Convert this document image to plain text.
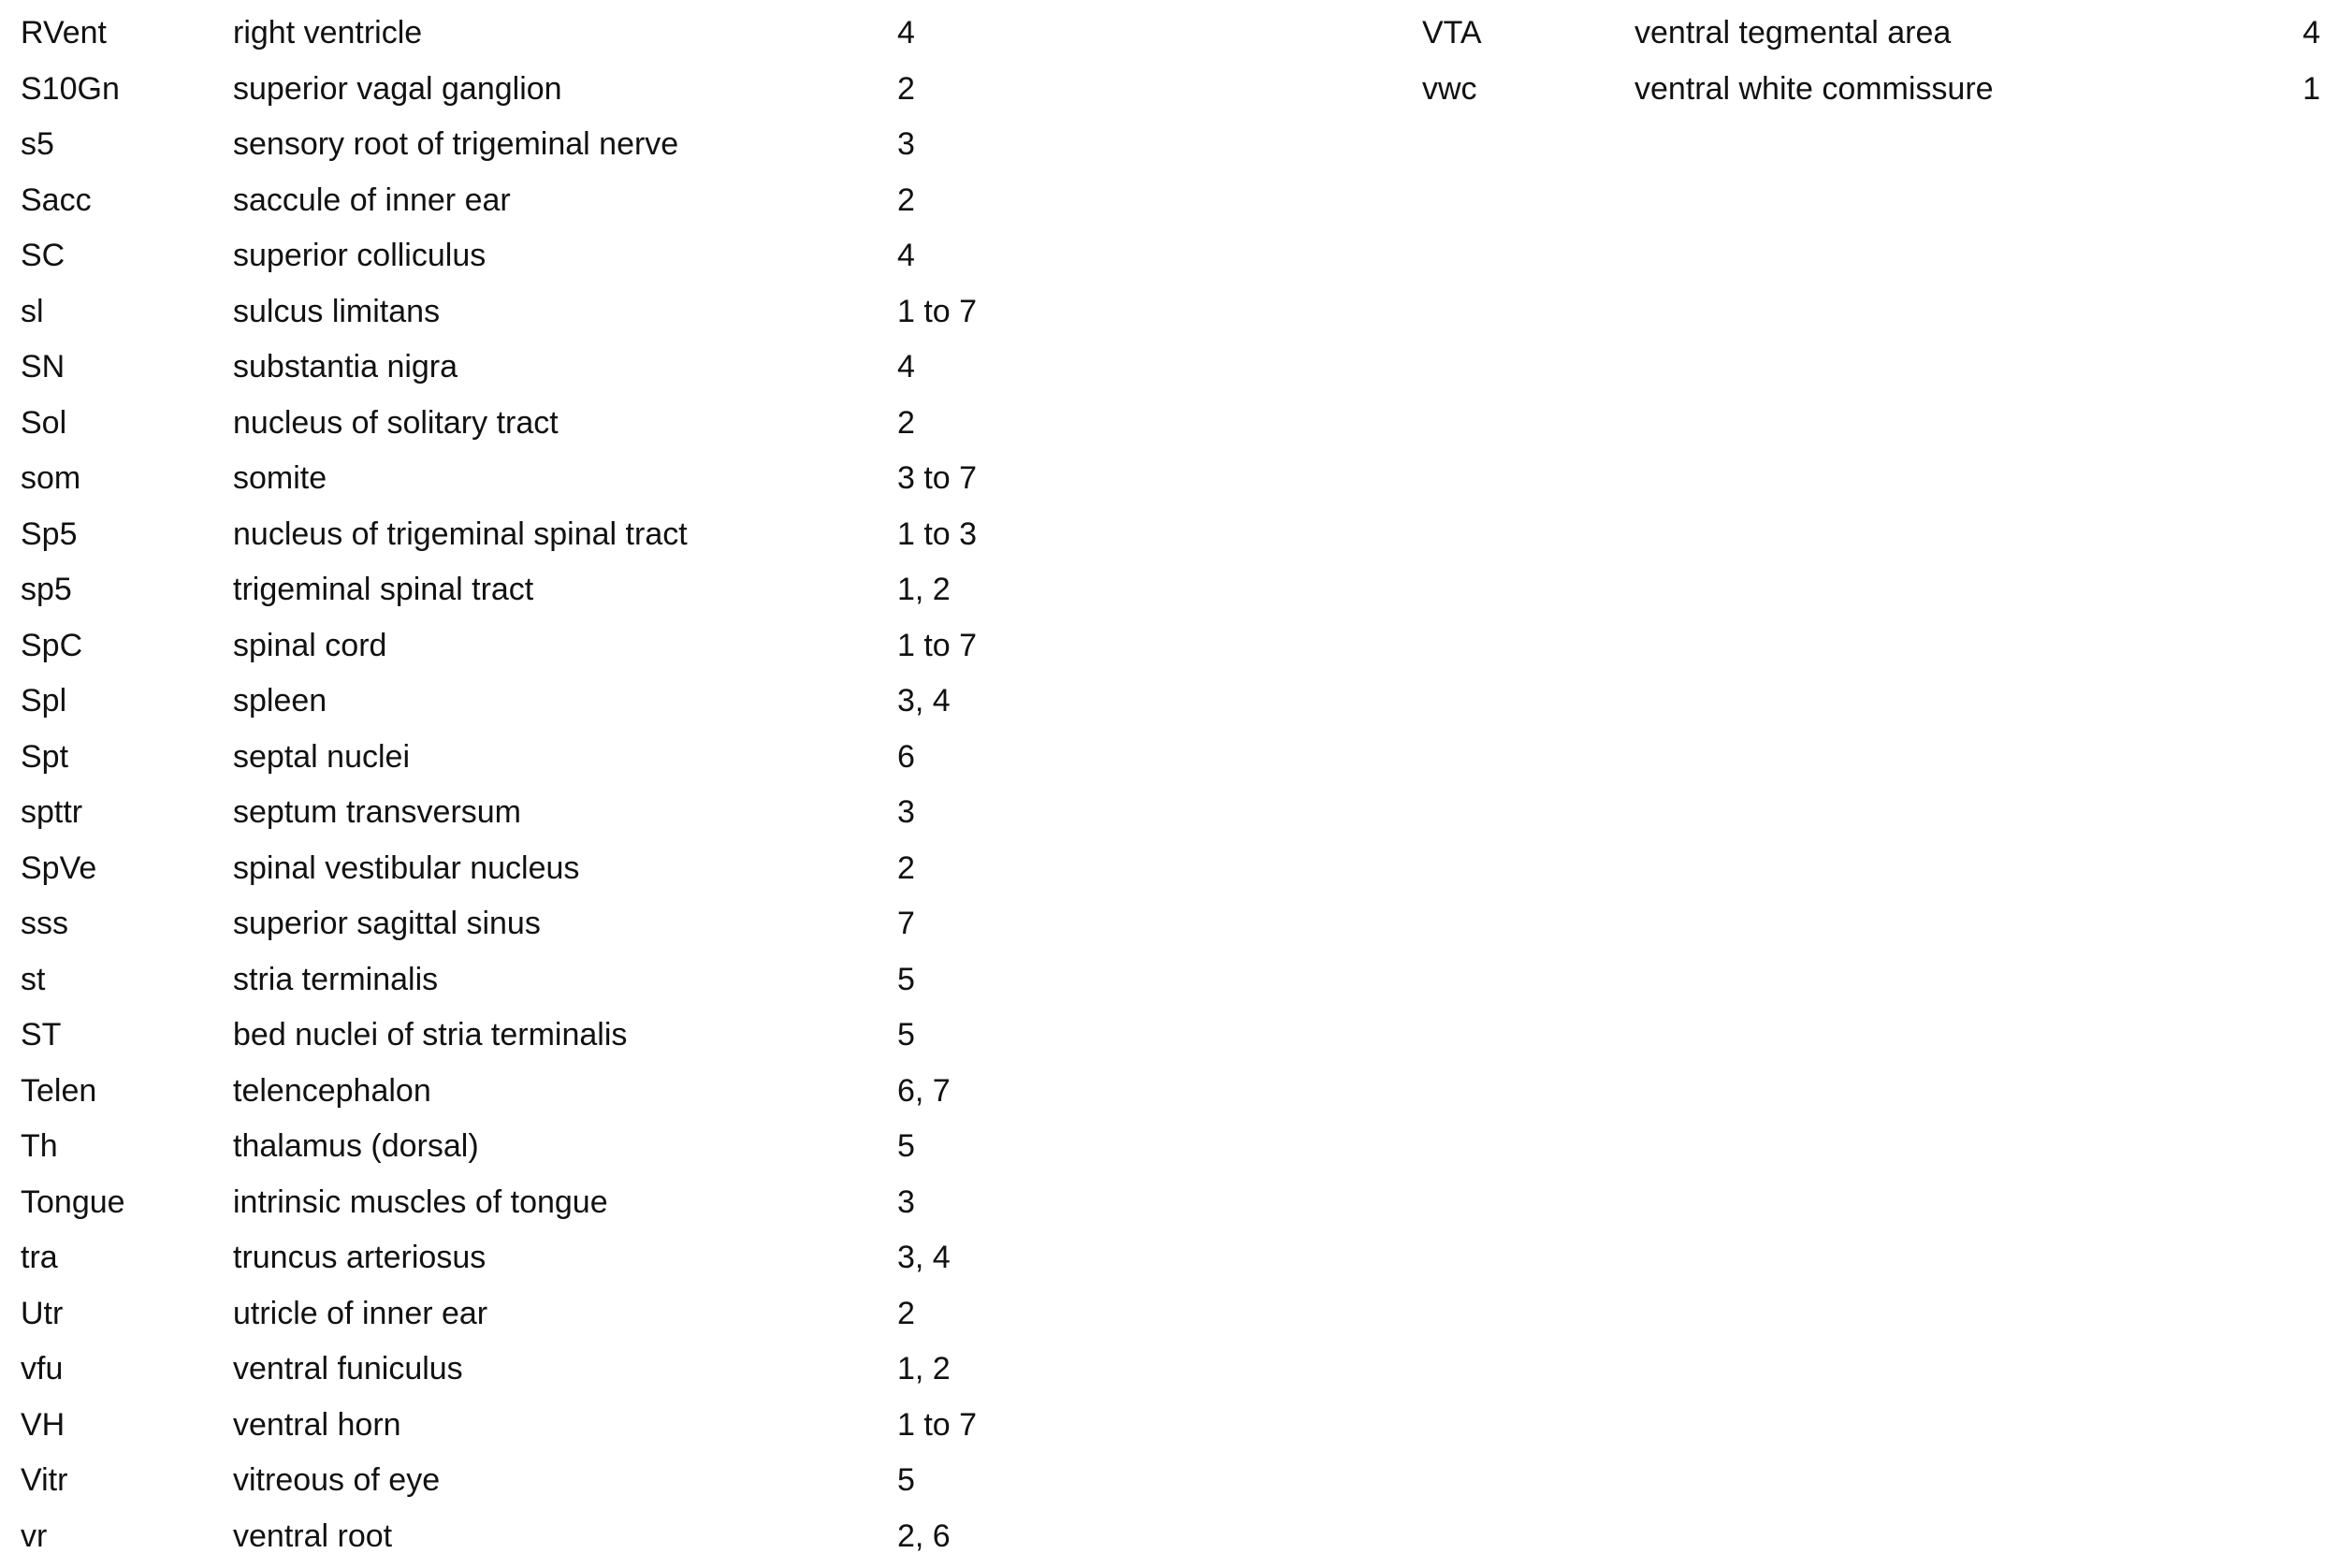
RVent	right ventricle	4
S10Gn	superior vagal ganglion	2
s5	sensory root of trigeminal nerve	3
Sacc	saccule of inner ear	2
SC	superior colliculus	4
sl	sulcus limitans	1 to 7
SN	substantia nigra	4
Sol	nucleus of solitary tract	2
som	somite	3 to 7
Sp5	nucleus of trigeminal spinal tract	1 to 3
sp5	trigeminal spinal tract	1, 2
SpC	spinal cord	1 to 7
Spl	spleen	3, 4
Spt	septal nuclei	6
spttr	septum transversum	3
SpVe	spinal vestibular nucleus	2
sss	superior sagittal sinus	7
st	stria terminalis	5
ST	bed nuclei of stria terminalis	5
Telen	telencephalon	6, 7
Th	thalamus (dorsal)	5
Tongue	intrinsic muscles of tongue	3
tra	truncus arteriosus	3, 4
Utr	utricle of inner ear	2
vfu	ventral funiculus	1, 2
VH	ventral horn	1 to 7
Vitr	vitreous of eye	5
vr	ventral root	2, 6
VTA	ventral tegmental area	4
vwc	ventral white commissure	1
